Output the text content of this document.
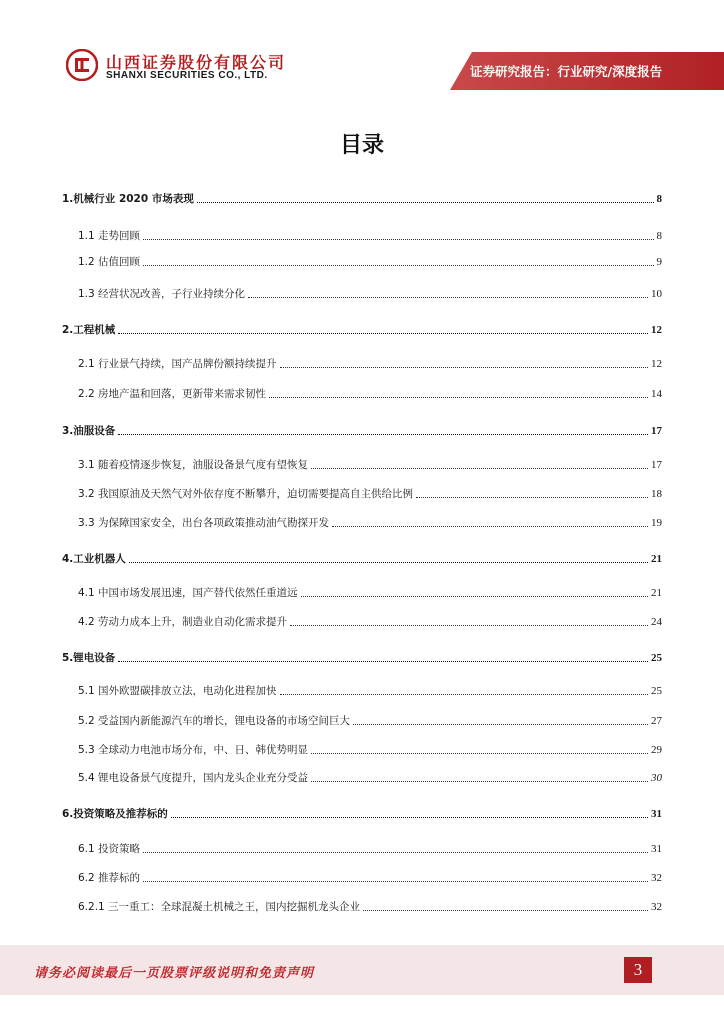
山西证券股份有限公司
SHANXI SECURITIES CO., LTD.	证券研究报告：行业研究/深度报告
目录
1.机械行业 2020 市场表现	8
1.1 走势回顾	8
1.2 估值回顾	9
1.3 经营状况改善，子行业持续分化	10
2.工程机械	12
2.1 行业景气持续，国产品牌份额持续提升	12
2.2 房地产温和回落，更新带来需求韧性	14
3.油服设备	17
3.1 随着疫情逐步恢复，油服设备景气度有望恢复	17
3.2 我国原油及天然气对外依存度不断攀升，迫切需要提高自主供给比例	18
3.3 为保障国家安全，出台各项政策推动油气勘探开发	19
4.工业机器人	21
4.1 中国市场发展迅速，国产替代依然任重道远	21
4.2 劳动力成本上升，制造业自动化需求提升	24
5.锂电设备	25
5.1 国外欧盟碳排放立法，电动化进程加快	25
5.2 受益国内新能源汽车的增长，锂电设备的市场空间巨大	27
5.3 全球动力电池市场分布，中、日、韩优势明显	29
5.4 锂电设备景气度提升，国内龙头企业充分受益	30
6.投资策略及推荐标的	31
6.1 投资策略	31
6.2 推荐标的	32
6.2.1 三一重工：全球混凝土机械之王，国内挖掘机龙头企业	32
请务必阅读最后一页股票评级说明和免责声明	3
